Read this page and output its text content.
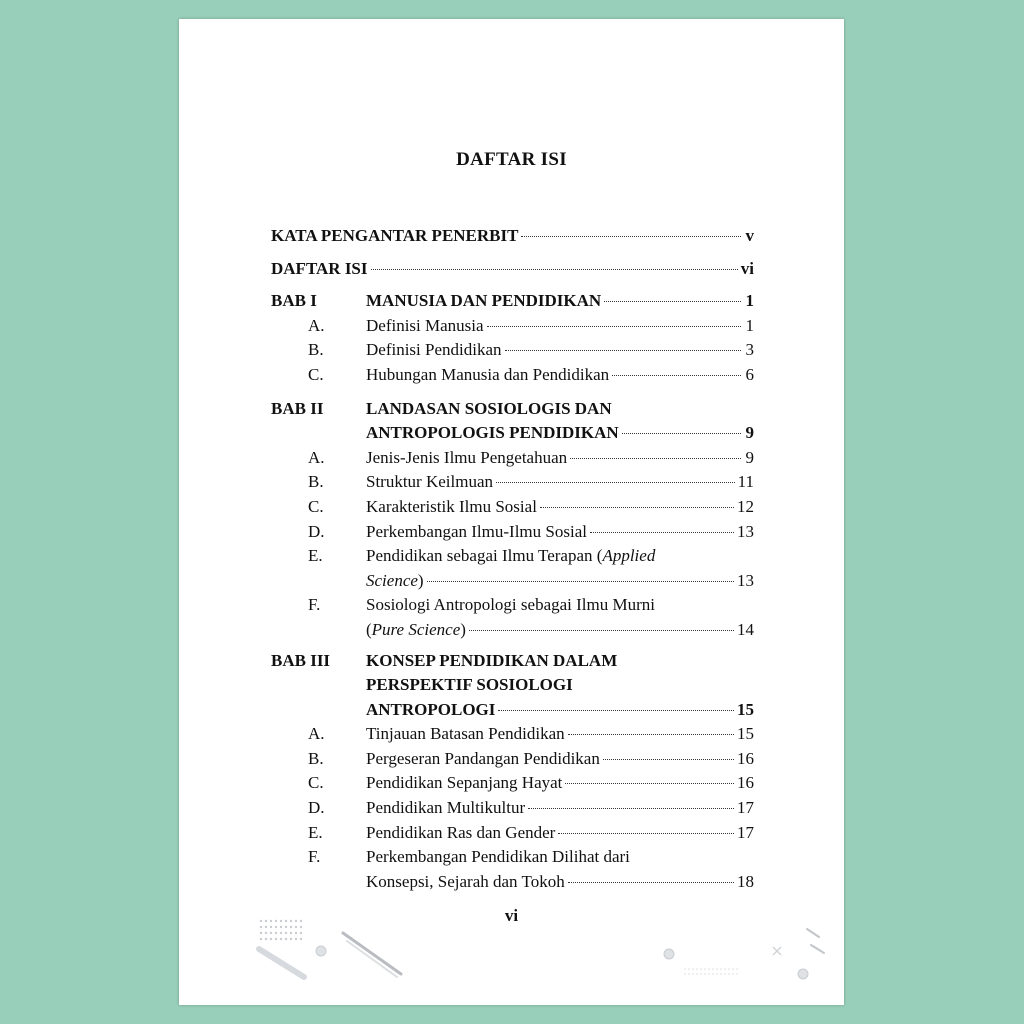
DAFTAR ISI
KATA PENGANTAR PENERBIT	v
DAFTAR ISI	vi
BAB I	MANUSIA DAN PENDIDIKAN	1
A.	Definisi Manusia	1
B.	Definisi Pendidikan	3
C.	Hubungan Manusia dan Pendidikan	6
BAB II	LANDASAN SOSIOLOGIS DAN
ANTROPOLOGIS PENDIDIKAN	9
A.	Jenis-Jenis Ilmu Pengetahuan	9
B.	Struktur Keilmuan	11
C.	Karakteristik Ilmu Sosial	12
D.	Perkembangan Ilmu-Ilmu Sosial	13
E.	Pendidikan sebagai Ilmu Terapan (Applied
Science)	13
F.	Sosiologi Antropologi sebagai Ilmu Murni
(Pure Science)	14
BAB III	KONSEP PENDIDIKAN DALAM
PERSPEKTIF SOSIOLOGI
ANTROPOLOGI	15
A.	Tinjauan Batasan Pendidikan	15
B.	Pergeseran Pandangan Pendidikan	16
C.	Pendidikan Sepanjang Hayat	16
D.	Pendidikan Multikultur	17
E.	Pendidikan Ras dan Gender	17
F.	Perkembangan Pendidikan Dilihat dari
Konsepsi, Sejarah dan Tokoh	18
vi
